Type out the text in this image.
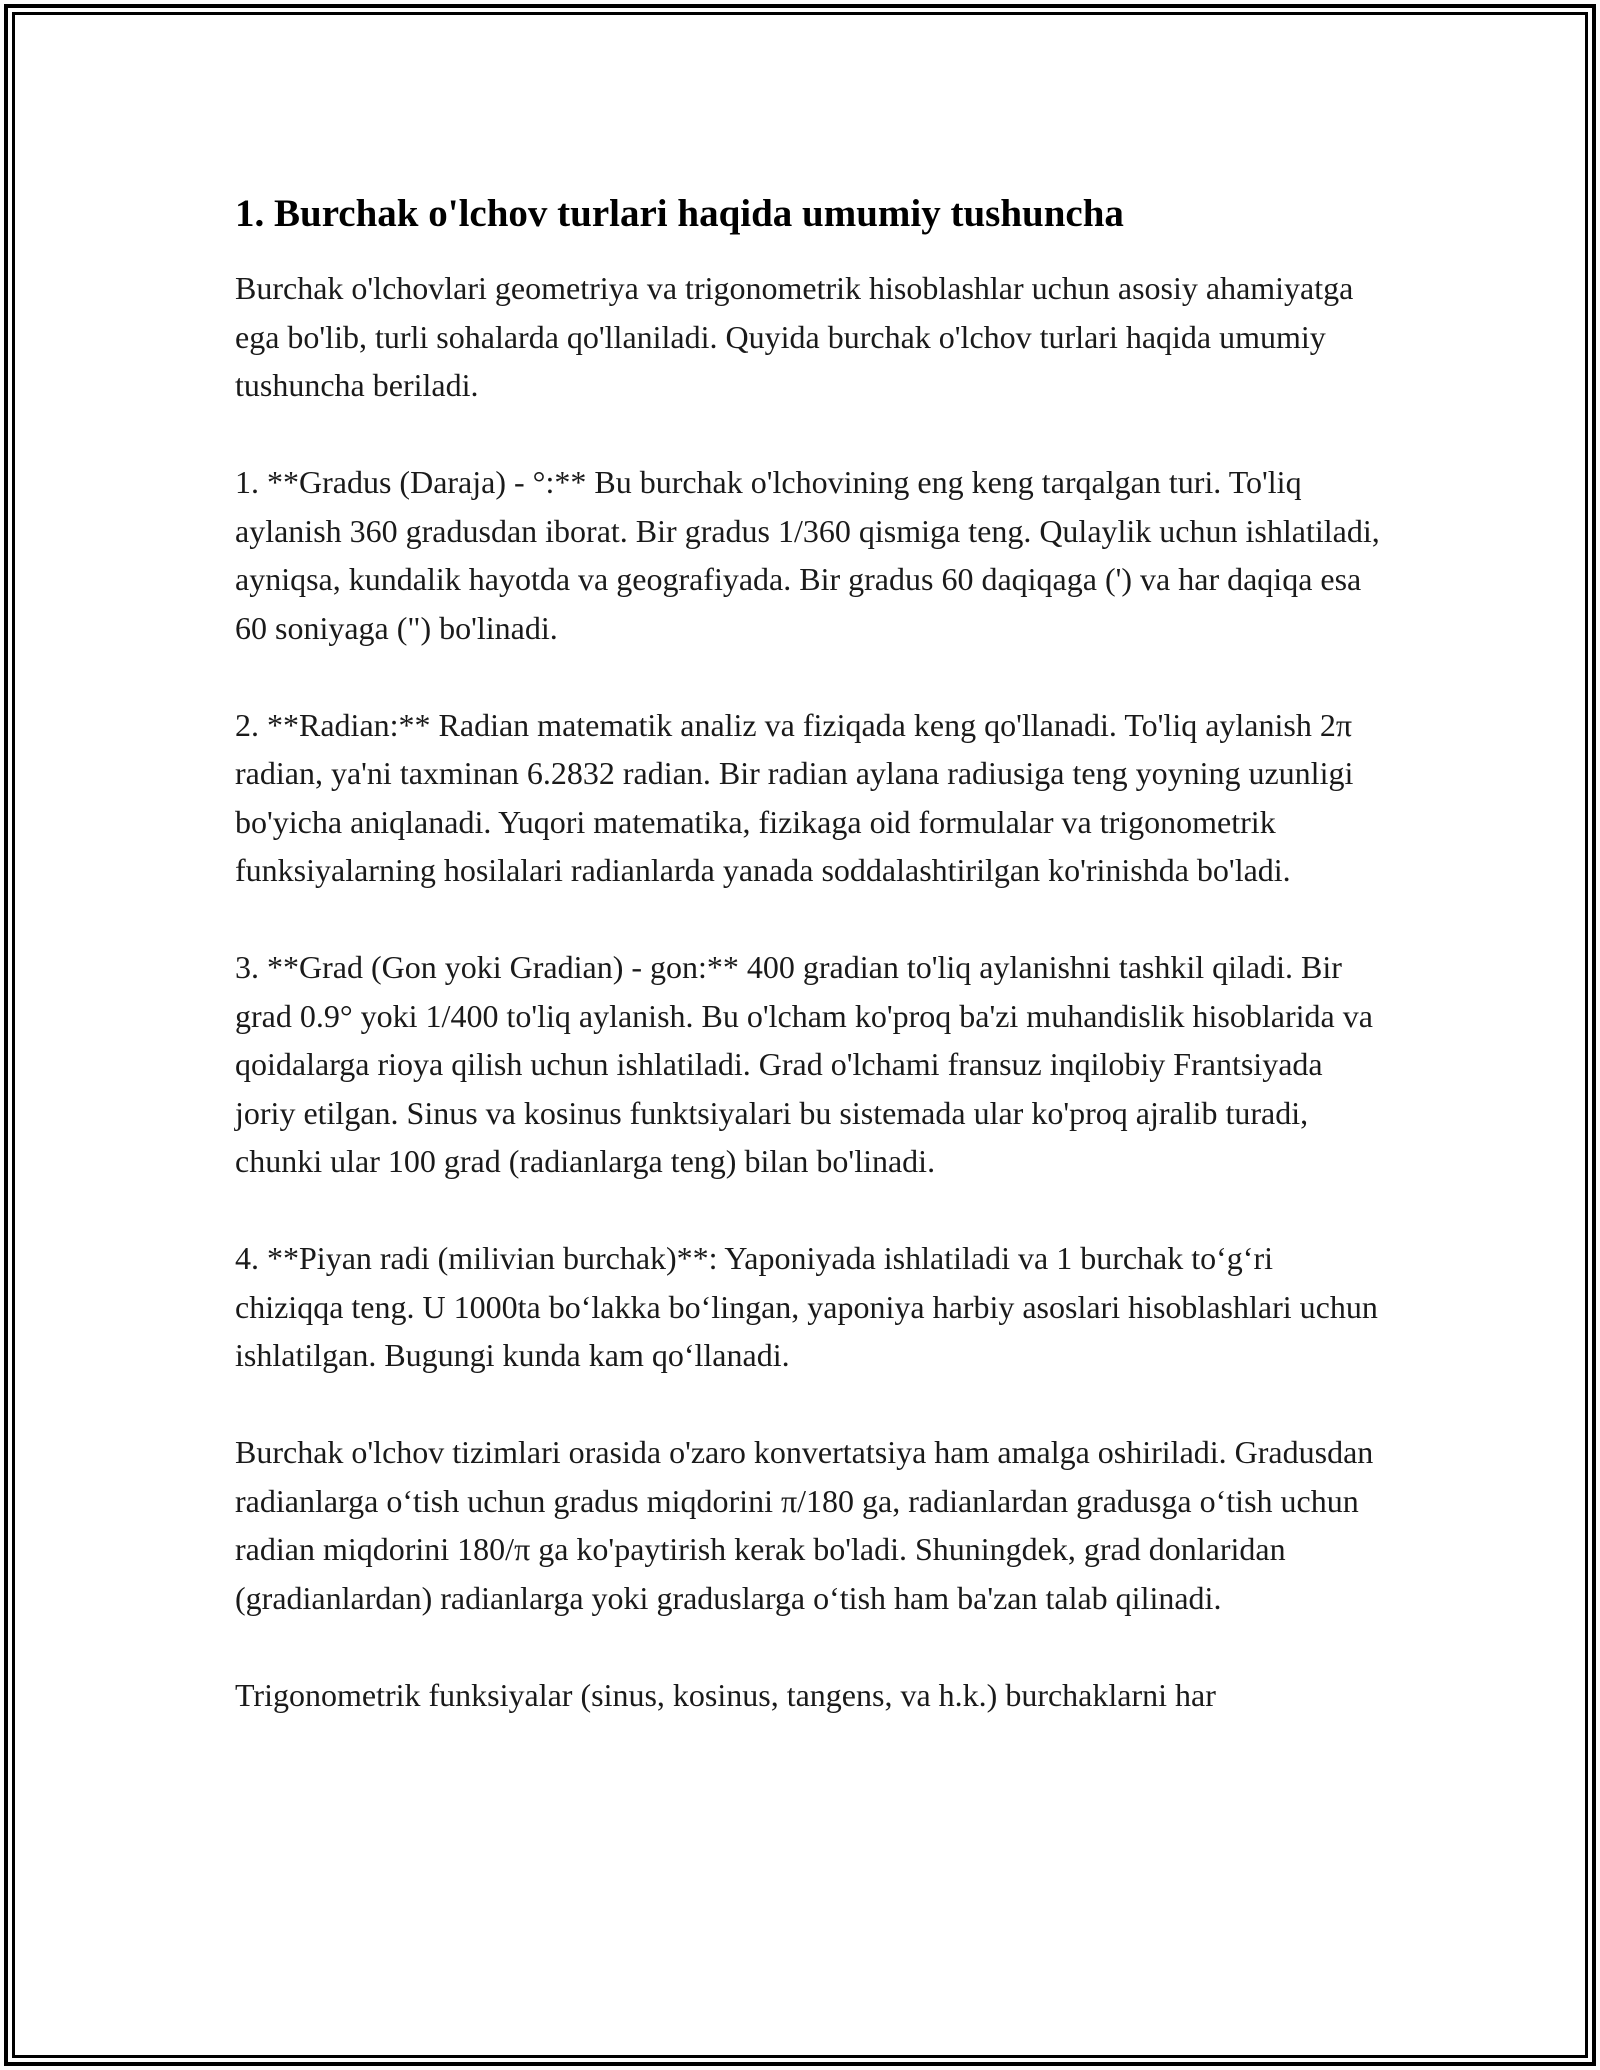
1. Burchak o'lchov turlari haqida umumiy tushuncha

Burchak o'lchovlari geometriya va trigonometrik hisoblashlar uchun asosiy ahamiyatga ega bo'lib, turli sohalarda qo'llaniladi. Quyida burchak o'lchov turlari haqida umumiy tushuncha beriladi.

1. **Gradus (Daraja) - °:** Bu burchak o'lchovining eng keng tarqalgan turi. To'liq aylanish 360 gradusdan iborat. Bir gradus 1/360 qismiga teng. Qulaylik uchun ishlatiladi, ayniqsa, kundalik hayotda va geografiyada. Bir gradus 60 daqiqaga (') va har daqiqa esa 60 soniyaga (") bo'linadi.

2. **Radian:** Radian matematik analiz va fiziqada keng qo'llanadi. To'liq aylanish 2π radian, ya'ni taxminan 6.2832 radian. Bir radian aylana radiusiga teng yoyning uzunligi bo'yicha aniqlanadi. Yuqori matematika, fizikaga oid formulalar va trigonometrik funksiyalarning hosilalari radianlarda yanada soddalashtirilgan ko'rinishda bo'ladi.

3. **Grad (Gon yoki Gradian) - gon:** 400 gradian to'liq aylanishni tashkil qiladi. Bir grad 0.9° yoki 1/400 to'liq aylanish. Bu o'lcham ko'proq ba'zi muhandislik hisoblarida va qoidalarga rioya qilish uchun ishlatiladi. Grad o'lchami fransuz inqilobiy Frantsiyada joriy etilgan. Sinus va kosinus funktsiyalari bu sistemada ular ko'proq ajralib turadi, chunki ular 100 grad (radianlarga teng) bilan bo'linadi.

4. **Piyan radi (milivian burchak)**: Yaponiyada ishlatiladi va 1 burchak to‘g‘ri chiziqqa teng. U 1000ta bo‘lakka bo‘lingan, yaponiya harbiy asoslari hisoblashlari uchun ishlatilgan. Bugungi kunda kam qo‘llanadi.

Burchak o'lchov tizimlari orasida o'zaro konvertatsiya ham amalga oshiriladi. Gradusdan radianlarga o‘tish uchun gradus miqdorini π/180 ga, radianlardan gradusga o‘tish uchun radian miqdorini 180/π ga ko'paytirish kerak bo'ladi. Shuningdek, grad donlaridan (gradianlardan) radianlarga yoki graduslarga o‘tish ham ba'zan talab qilinadi.

Trigonometrik funksiyalar (sinus, kosinus, tangens, va h.k.) burchaklarni har
